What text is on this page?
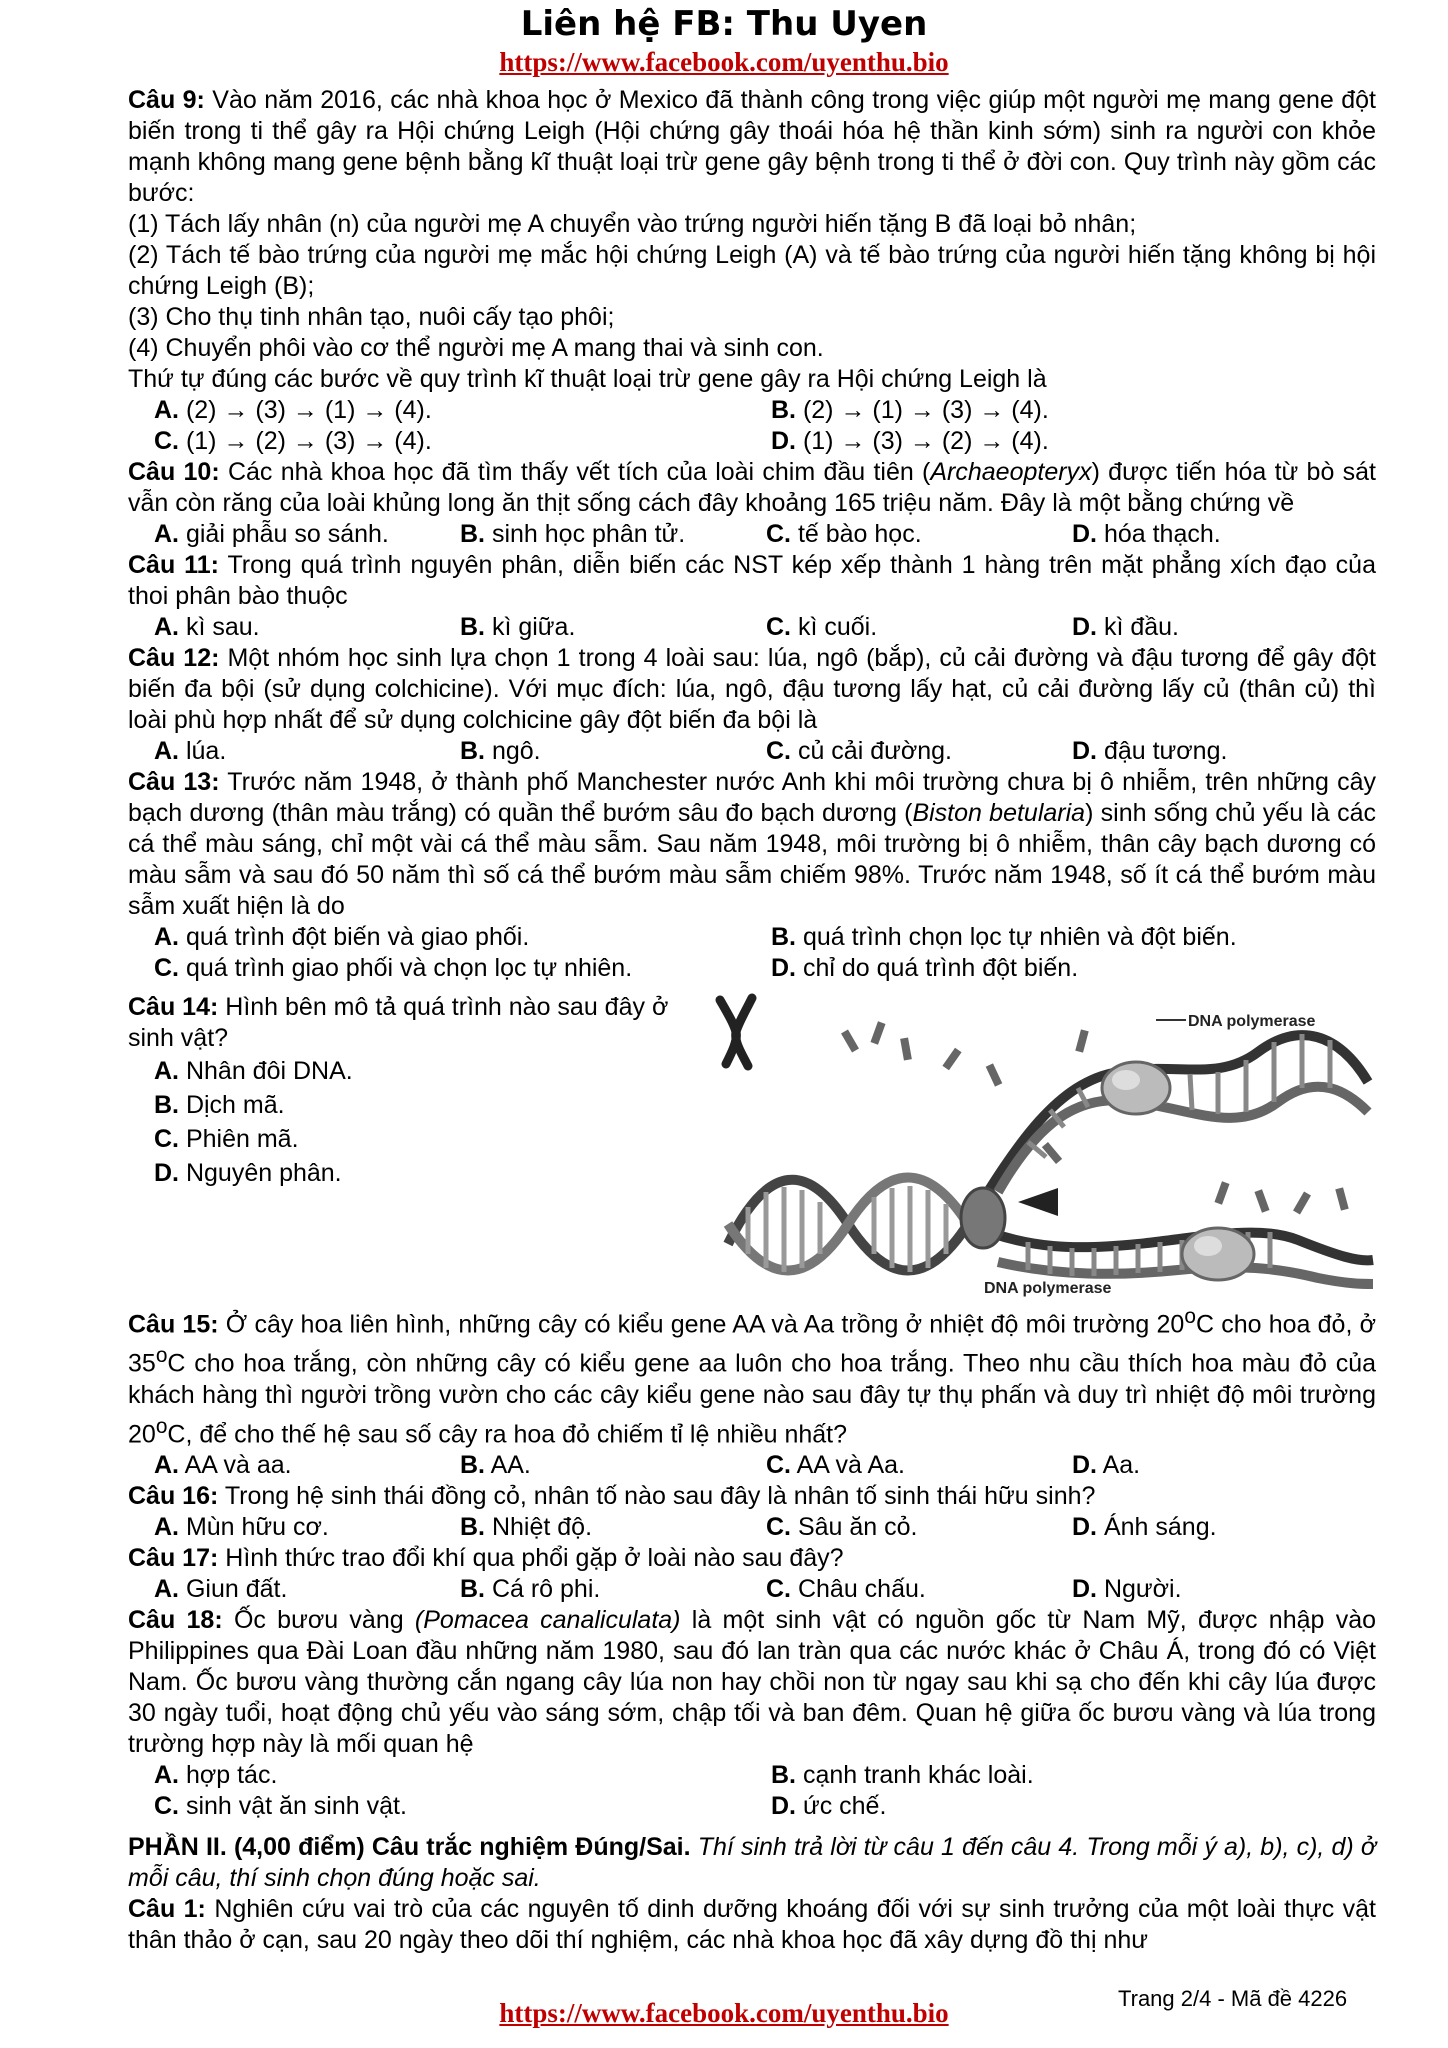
Liên hệ FB: Thu Uyen
https://www.facebook.com/uyenthu.bio

Câu 9: Vào năm 2016, các nhà khoa học ở Mexico đã thành công trong việc giúp một người mẹ mang gene đột biến trong ti thể gây ra Hội chứng Leigh (Hội chứng gây thoái hóa hệ thần kinh sớm) sinh ra người con khỏe mạnh không mang gene bệnh bằng kĩ thuật loại trừ gene gây bệnh trong ti thể ở đời con. Quy trình này gồm các bước:

(1) Tách lấy nhân (n) của người mẹ A chuyển vào trứng người hiến tặng B đã loại bỏ nhân;

(2) Tách tế bào trứng của người mẹ mắc hội chứng Leigh (A) và tế bào trứng của người hiến tặng không bị hội chứng Leigh (B);

(3) Cho thụ tinh nhân tạo, nuôi cấy tạo phôi;

(4) Chuyển phôi vào cơ thể người mẹ A mang thai và sinh con.

Thứ tự đúng các bước về quy trình kĩ thuật loại trừ gene gây ra Hội chứng Leigh là

A. (2) → (3) → (1) → (4).	B. (2) → (1) → (3) → (4).
C. (1) → (2) → (3) → (4).	D. (1) → (3) → (2) → (4).

Câu 10: Các nhà khoa học đã tìm thấy vết tích của loài chim đầu tiên (Archaeopteryx) được tiến hóa từ bò sát vẫn còn răng của loài khủng long ăn thịt sống cách đây khoảng 165 triệu năm. Đây là một bằng chứng về

A. giải phẫu so sánh.	B. sinh học phân tử.	C. tế bào học.	D. hóa thạch.

Câu 11: Trong quá trình nguyên phân, diễn biến các NST kép xếp thành 1 hàng trên mặt phẳng xích đạo của thoi phân bào thuộc

A. kì sau.	B. kì giữa.	C. kì cuối.	D. kì đầu.

Câu 12: Một nhóm học sinh lựa chọn 1 trong 4 loài sau: lúa, ngô (bắp), củ cải đường và đậu tương để gây đột biến đa bội (sử dụng colchicine). Với mục đích: lúa, ngô, đậu tương lấy hạt, củ cải đường lấy củ (thân củ) thì loài phù hợp nhất để sử dụng colchicine gây đột biến đa bội là

A. lúa.	B. ngô.	C. củ cải đường.	D. đậu tương.

Câu 13: Trước năm 1948, ở thành phố Manchester nước Anh khi môi trường chưa bị ô nhiễm, trên những cây bạch dương (thân màu trắng) có quần thể bướm sâu đo bạch dương (Biston betularia) sinh sống chủ yếu là các cá thể màu sáng, chỉ một vài cá thể màu sẫm. Sau năm 1948, môi trường bị ô nhiễm, thân cây bạch dương có màu sẫm và sau đó 50 năm thì số cá thể bướm màu sẫm chiếm 98%. Trước năm 1948, số ít cá thể bướm màu sẫm xuất hiện là do

A. quá trình đột biến và giao phối.	B. quá trình chọn lọc tự nhiên và đột biến.
C. quá trình giao phối và chọn lọc tự nhiên.	D. chỉ do quá trình đột biến.

Câu 14: Hình bên mô tả quá trình nào sau đây ở sinh vật?

A. Nhân đôi DNA.
B. Dịch mã.
C. Phiên mã.
D. Nguyên phân.
DNA polymerase
DNA polymerase

Câu 15: Ở cây hoa liên hình, những cây có kiểu gene AA và Aa trồng ở nhiệt độ môi trường 20$^o$C cho hoa đỏ, ở 35$^o$C cho hoa trắng, còn những cây có kiểu gene aa luôn cho hoa trắng. Theo nhu cầu thích hoa màu đỏ của khách hàng thì người trồng vườn cho các cây kiểu gene nào sau đây tự thụ phấn và duy trì nhiệt độ môi trường 20$^o$C, để cho thế hệ sau số cây ra hoa đỏ chiếm tỉ lệ nhiều nhất?

A. AA và aa.	B. AA.	C. AA và Aa.	D. Aa.

Câu 16: Trong hệ sinh thái đồng cỏ, nhân tố nào sau đây là nhân tố sinh thái hữu sinh?

A. Mùn hữu cơ.	B. Nhiệt độ.	C. Sâu ăn cỏ.	D. Ánh sáng.

Câu 17: Hình thức trao đổi khí qua phổi gặp ở loài nào sau đây?

A. Giun đất.	B. Cá rô phi.	C. Châu chấu.	D. Người.

Câu 18: Ốc bươu vàng (Pomacea canaliculata) là một sinh vật có nguồn gốc từ Nam Mỹ, được nhập vào Philippines qua Đài Loan đầu những năm 1980, sau đó lan tràn qua các nước khác ở Châu Á, trong đó có Việt Nam. Ốc bươu vàng thường cắn ngang cây lúa non hay chồi non từ ngay sau khi sạ cho đến khi cây lúa được 30 ngày tuổi, hoạt động chủ yếu vào sáng sớm, chập tối và ban đêm. Quan hệ giữa ốc bươu vàng và lúa trong trường hợp này là mối quan hệ

A. hợp tác.	B. cạnh tranh khác loài.
C. sinh vật ăn sinh vật.	D. ức chế.

PHẦN II. (4,00 điểm) Câu trắc nghiệm Đúng/Sai. Thí sinh trả lời từ câu 1 đến câu 4. Trong mỗi ý a), b), c), d) ở mỗi câu, thí sinh chọn đúng hoặc sai.

Câu 1: Nghiên cứu vai trò của các nguyên tố dinh dưỡng khoáng đối với sự sinh trưởng của một loài thực vật thân thảo ở cạn, sau 20 ngày theo dõi thí nghiệm, các nhà khoa học đã xây dựng đồ thị như

Trang 2/4 - Mã đề 4226
https://www.facebook.com/uyenthu.bio
